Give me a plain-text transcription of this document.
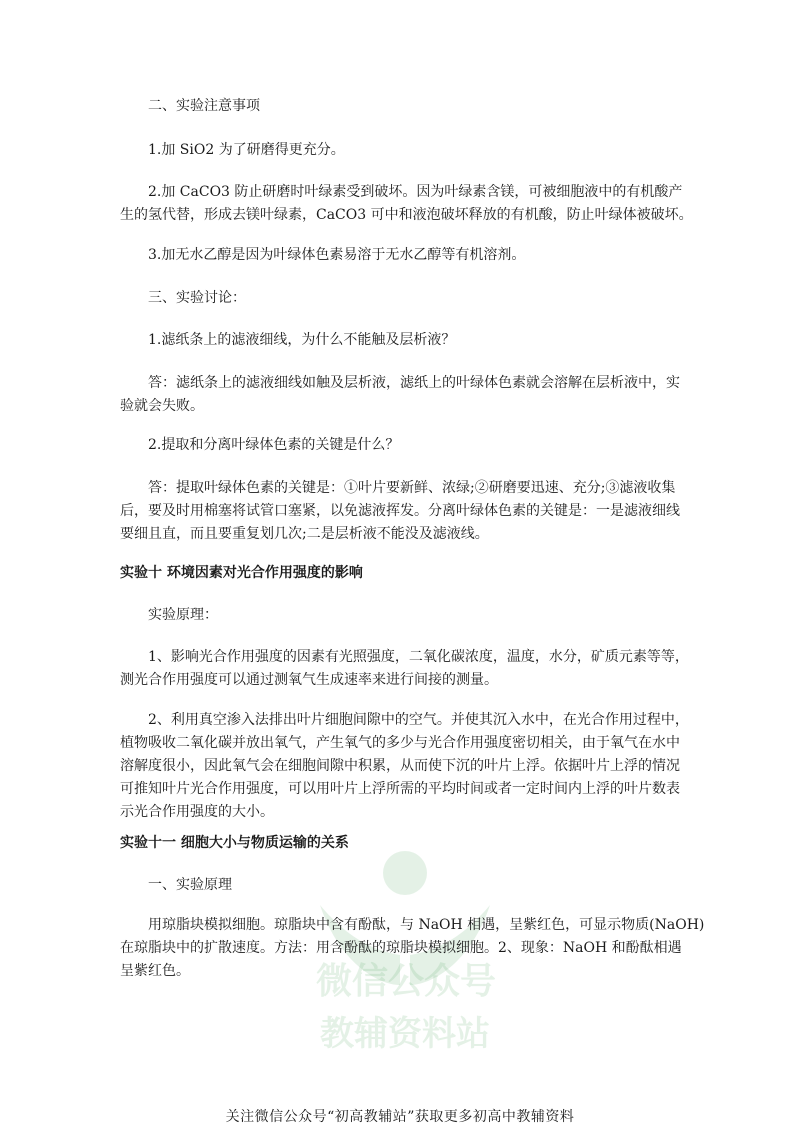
微信公众号
教辅资料站

二、实验注意事项

1.加 SiO2 为了研磨得更充分。

2.加 CaCO3 防止研磨时叶绿素受到破坏。因为叶绿素含镁，可被细胞液中的有机酸产

生的氢代替，形成去镁叶绿素，CaCO3 可中和液泡破坏释放的有机酸，防止叶绿体被破坏。

3.加无水乙醇是因为叶绿体色素易溶于无水乙醇等有机溶剂。

三、实验讨论：

1.滤纸条上的滤液细线，为什么不能触及层析液？

答：滤纸条上的滤液细线如触及层析液，滤纸上的叶绿体色素就会溶解在层析液中，实

验就会失败。

2.提取和分离叶绿体色素的关键是什么？

答：提取叶绿体色素的关键是：①叶片要新鲜、浓绿;②研磨要迅速、充分;③滤液收集

后，要及时用棉塞将试管口塞紧，以免滤液挥发。分离叶绿体色素的关键是：一是滤液细线

要细且直，而且要重复划几次;二是层析液不能没及滤液线。

实验十 环境因素对光合作用强度的影响

实验原理：

1、影响光合作用强度的因素有光照强度，二氧化碳浓度，温度，水分，矿质元素等等，

测光合作用强度可以通过测氧气生成速率来进行间接的测量。

2、利用真空渗入法排出叶片细胞间隙中的空气。并使其沉入水中，在光合作用过程中，

植物吸收二氧化碳并放出氧气，产生氧气的多少与光合作用强度密切相关，由于氧气在水中

溶解度很小，因此氧气会在细胞间隙中积累，从而使下沉的叶片上浮。依据叶片上浮的情况

可推知叶片光合作用强度，可以用叶片上浮所需的平均时间或者一定时间内上浮的叶片数表

示光合作用强度的大小。

实验十一 细胞大小与物质运输的关系

一、实验原理

用琼脂块模拟细胞。琼脂块中含有酚酞，与 NaOH 相遇，呈紫红色，可显示物质(NaOH)

在琼脂块中的扩散速度。方法：用含酚酞的琼脂块模拟细胞。2、现象：NaOH 和酚酞相遇

呈紫红色。

关注微信公众号“初高教辅站”获取更多初高中教辅资料
